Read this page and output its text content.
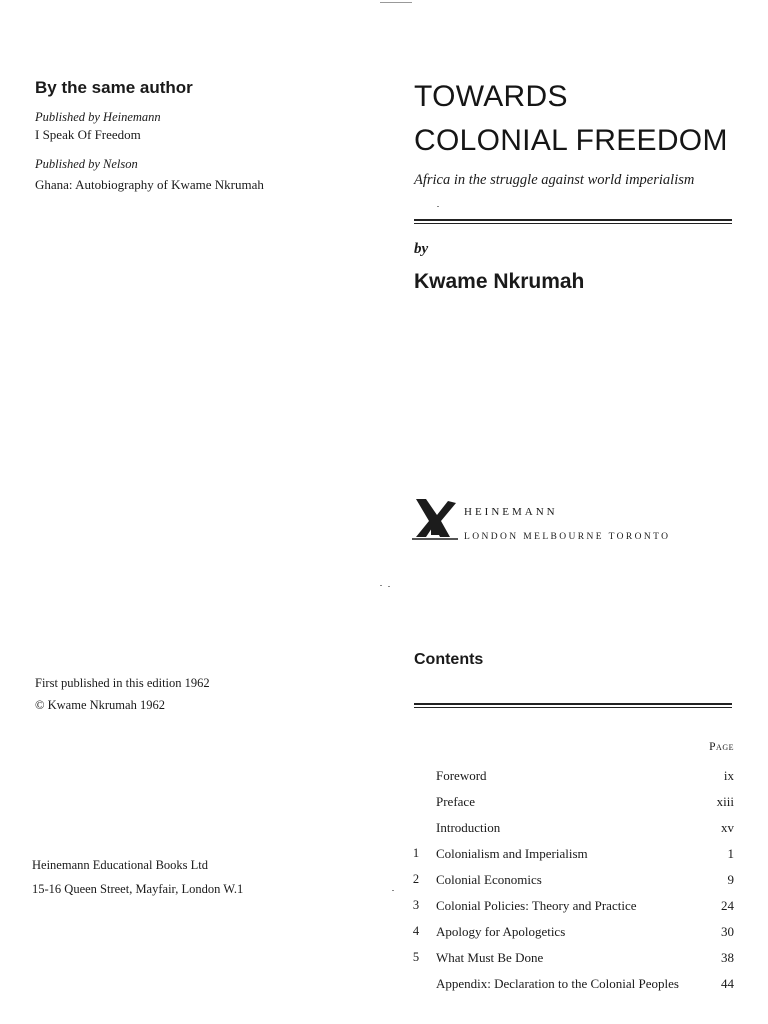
By the same author
Published by Heinemann
I Speak Of Freedom
Published by Nelson
Ghana: Autobiography of Kwame Nkrumah
First published in this edition 1962
© Kwame Nkrumah 1962
Heinemann Educational Books Ltd
15-16 Queen Street, Mayfair, London W.1
TOWARDS
COLONIAL FREEDOM
Africa in the struggle against world imperialism
by
Kwame Nkrumah
HEINEMANN
LONDON MELBOURNE TORONTO
Contents
Page
Foreword	ix
Preface	xiii
Introduction	xv
1	Colonialism and Imperialism	1
2	Colonial Economics	9
3	Colonial Policies: Theory and Practice	24
4	Apology for Apologetics	30
5	What Must Be Done	38
Appendix: Declaration to the Colonial Peoples	44
